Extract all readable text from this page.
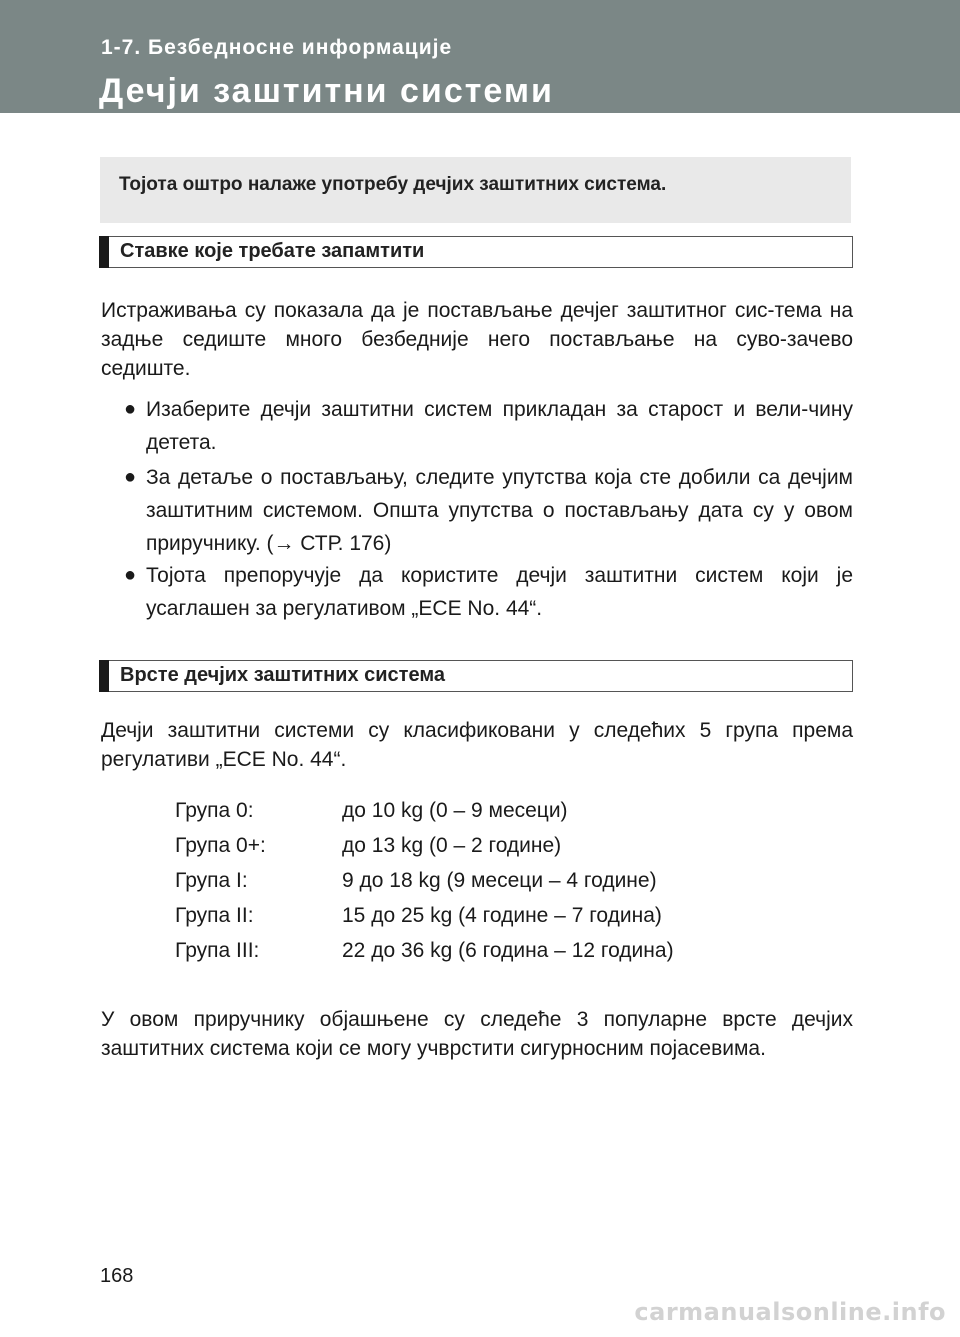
1-7. Безбедносне информације
Дечји заштитни системи
Тојота оштро налаже употребу дечјих заштитних система.
Ставке које требате запамтити
Истраживања су показала да је постављање дечјег заштитног сис-тема на задње седиште много безбедније него постављање на суво-зачево седиште.
● Изаберите дечји заштитни систем прикладан за старост и вели-чину детета.
● За детаље о постављању, следите упутства која сте добили са дечјим заштитним системом. Општа упутства о постављању дата су у овом приручнику. (→ СТР. 176)
● Тојота препоручује да користите дечји заштитни систем који је усаглашен за регулативом „ECE No. 44“.
Врсте дечјих заштитних система
Дечји заштитни системи су класификовани у следећих 5 група према регулативи „ECE No. 44“.
Група 0:	до 10 kg (0 – 9 месеци)
Група 0+:	до 13 kg (0 – 2 године)
Група I:	9 до 18 kg (9 месеци – 4 године)
Група II:	15 до 25 kg (4 године – 7 година)
Група III:	22 до 36 kg (6 година – 12 година)
У овом приручнику објашњене су следеће 3 популарне врсте дечјих заштитних система који се могу учврстити сигурносним појасевима.
168
carmanualsonline.info
